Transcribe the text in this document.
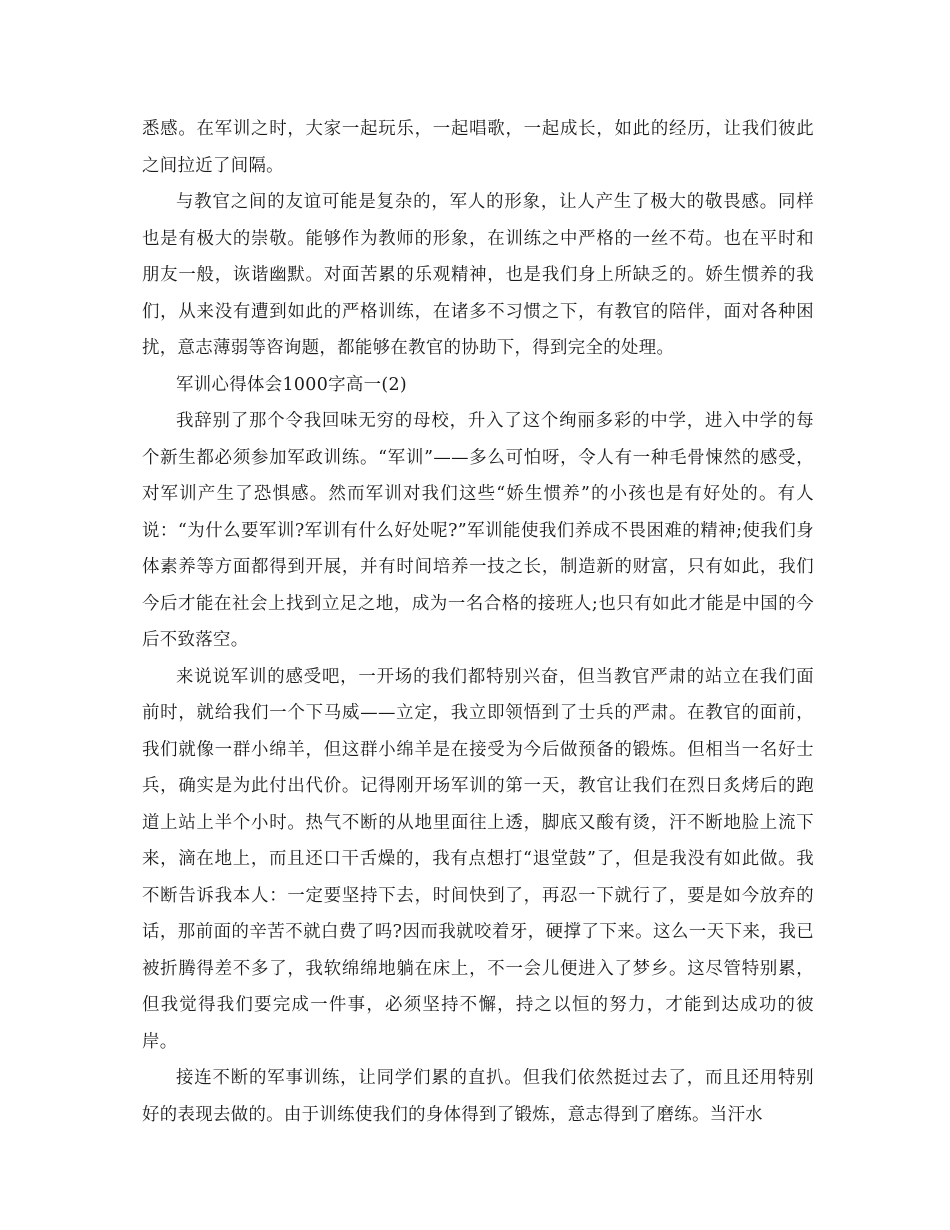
悉感。在军训之时，大家一起玩乐，一起唱歌，一起成长，如此的经历，让我们彼此之间拉近了间隔。

与教官之间的友谊可能是复杂的，军人的形象，让人产生了极大的敬畏感。同样也是有极大的崇敬。能够作为教师的形象，在训练之中严格的一丝不苟。也在平时和朋友一般，诙谐幽默。对面苦累的乐观精神，也是我们身上所缺乏的。娇生惯养的我们，从来没有遭到如此的严格训练，在诸多不习惯之下，有教官的陪伴，面对各种困扰，意志薄弱等咨询题，都能够在教官的协助下，得到完全的处理。

军训心得体会1000字高一(2)

我辞别了那个令我回味无穷的母校，升入了这个绚丽多彩的中学，进入中学的每个新生都必须参加军政训练。“军训”——多么可怕呀，令人有一种毛骨悚然的感受，对军训产生了恐惧感。然而军训对我们这些“娇生惯养”的小孩也是有好处的。有人说：“为什么要军训?军训有什么好处呢?”军训能使我们养成不畏困难的精神;使我们身体素养等方面都得到开展，并有时间培养一技之长，制造新的财富，只有如此，我们今后才能在社会上找到立足之地，成为一名合格的接班人;也只有如此才能是中国的今后不致落空。

来说说军训的感受吧，一开场的我们都特别兴奋，但当教官严肃的站立在我们面前时，就给我们一个下马威——立定，我立即领悟到了士兵的严肃。在教官的面前，我们就像一群小绵羊，但这群小绵羊是在接受为今后做预备的锻炼。但相当一名好士兵，确实是为此付出代价。记得刚开场军训的第一天，教官让我们在烈日炙烤后的跑道上站上半个小时。热气不断的从地里面往上透，脚底又酸有烫，汗不断地脸上流下来，滴在地上，而且还口干舌燥的，我有点想打“退堂鼓”了，但是我没有如此做。我不断告诉我本人：一定要坚持下去，时间快到了，再忍一下就行了，要是如今放弃的话，那前面的辛苦不就白费了吗?因而我就咬着牙，硬撑了下来。这么一天下来，我已被折腾得差不多了，我软绵绵地躺在床上，不一会儿便进入了梦乡。这尽管特别累，但我觉得我们要完成一件事，必须坚持不懈，持之以恒的努力，才能到达成功的彼岸。

接连不断的军事训练，让同学们累的直扒。但我们依然挺过去了，而且还用特别好的表现去做的。由于训练使我们的身体得到了锻炼，意志得到了磨练。当汗水
